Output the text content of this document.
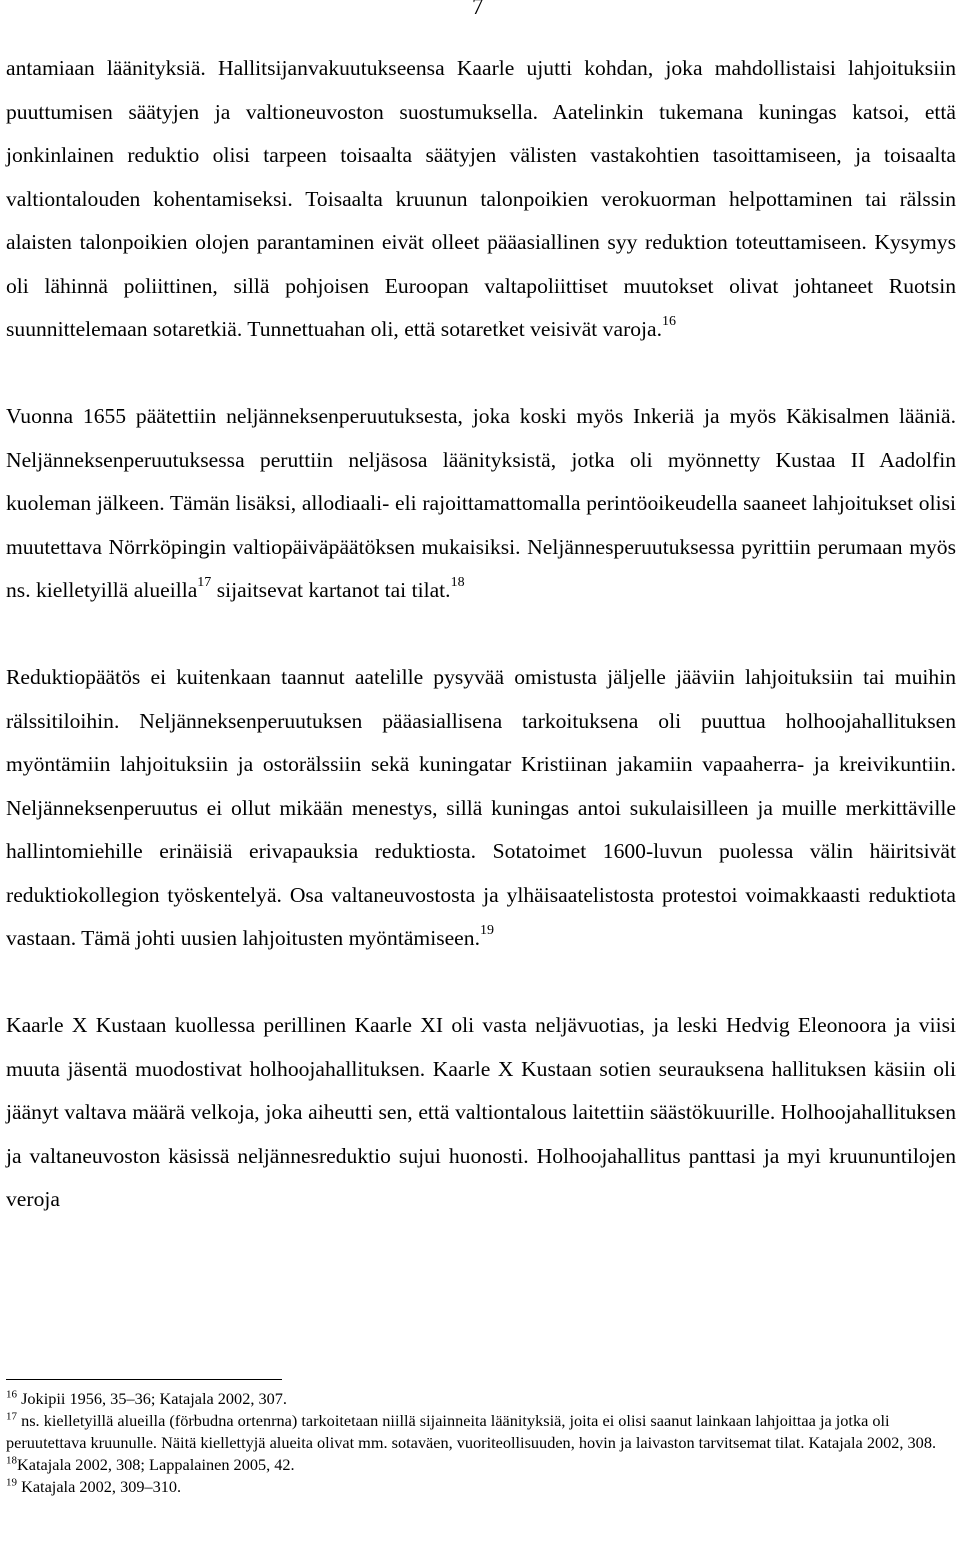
7

antamiaan läänityksiä. Hallitsijanvakuutukseensa Kaarle ujutti kohdan, joka mahdollistaisi lahjoituksiin puuttumisen säätyjen ja valtioneuvoston suostumuksella. Aatelinkin tukemana kuningas katsoi, että jonkinlainen reduktio olisi tarpeen toisaalta säätyjen välisten vastakohtien tasoittamiseen, ja toisaalta valtiontalouden kohentamiseksi. Toisaalta kruunun talonpoikien verokuorman helpottaminen tai rälssin alaisten talonpoikien olojen parantaminen eivät olleet pääasiallinen syy reduktion toteuttamiseen. Kysymys oli lähinnä poliittinen, sillä pohjoisen Euroopan valtapoliittiset muutokset olivat johtaneet Ruotsin suunnittelemaan sotaretkiä. Tunnettuahan oli, että sotaretket veisivät varoja.$^{16}$

Vuonna 1655 päätettiin neljänneksenperuutuksesta, joka koski myös Inkeriä ja myös Käkisalmen lääniä. Neljänneksenperuutuksessa peruttiin neljäsosa läänityksistä, jotka oli myönnetty Kustaa II Aadolfin kuoleman jälkeen. Tämän lisäksi, allodiaali- eli rajoittamattomalla perintöoikeudella saaneet lahjoitukset olisi muutettava Nörrköpingin valtiopäiväpäätöksen mukaisiksi. Neljännesperuutuksessa pyrittiin perumaan myös ns. kielletyillä alueilla$^{17}$ sijaitsevat kartanot tai tilat.$^{18}$

Reduktiopäätös ei kuitenkaan taannut aatelille pysyvää omistusta jäljelle jääviin lahjoituksiin tai muihin rälssitiloihin. Neljänneksenperuutuksen pääasiallisena tarkoituksena oli puuttua holhoojahallituksen myöntämiin lahjoituksiin ja ostorälssiin sekä kuningatar Kristiinan jakamiin vapaaherra- ja kreivikuntiin. Neljänneksenperuutus ei ollut mikään menestys, sillä kuningas antoi sukulaisilleen ja muille merkittäville hallintomiehille erinäisiä erivapauksia reduktiosta. Sotatoimet 1600-luvun puolessa välin häiritsivät reduktiokollegion työskentelyä. Osa valtaneuvostosta ja ylhäisaatelistosta protestoi voimakkaasti reduktiota vastaan. Tämä johti uusien lahjoitusten myöntämiseen.$^{19}$

Kaarle X Kustaan kuollessa perillinen Kaarle XI oli vasta neljävuotias, ja leski Hedvig Eleonoora ja viisi muuta jäsentä muodostivat holhoojahallituksen. Kaarle X Kustaan sotien seurauksena hallituksen käsiin oli jäänyt valtava määrä velkoja, joka aiheutti sen, että valtiontalous laitettiin säästökuurille. Holhoojahallituksen ja valtaneuvoston käsissä neljännesreduktio sujui huonosti. Holhoojahallitus panttasi ja myi kruununtilojen veroja

$^{16}$ Jokipii 1956, 35–36; Katajala 2002, 307.
$^{17}$ ns. kielletyillä alueilla (förbudna ortenrna) tarkoitetaan niillä sijainneita läänityksiä, joita ei olisi saanut lainkaan lahjoittaa ja jotka oli peruutettava kruunulle. Näitä kiellettyjä alueita olivat mm. sotaväen, vuoriteollisuuden, hovin ja laivaston tarvitsemat tilat. Katajala 2002, 308.
$^{18}$Katajala 2002, 308; Lappalainen 2005, 42.
$^{19}$ Katajala 2002, 309–310.
